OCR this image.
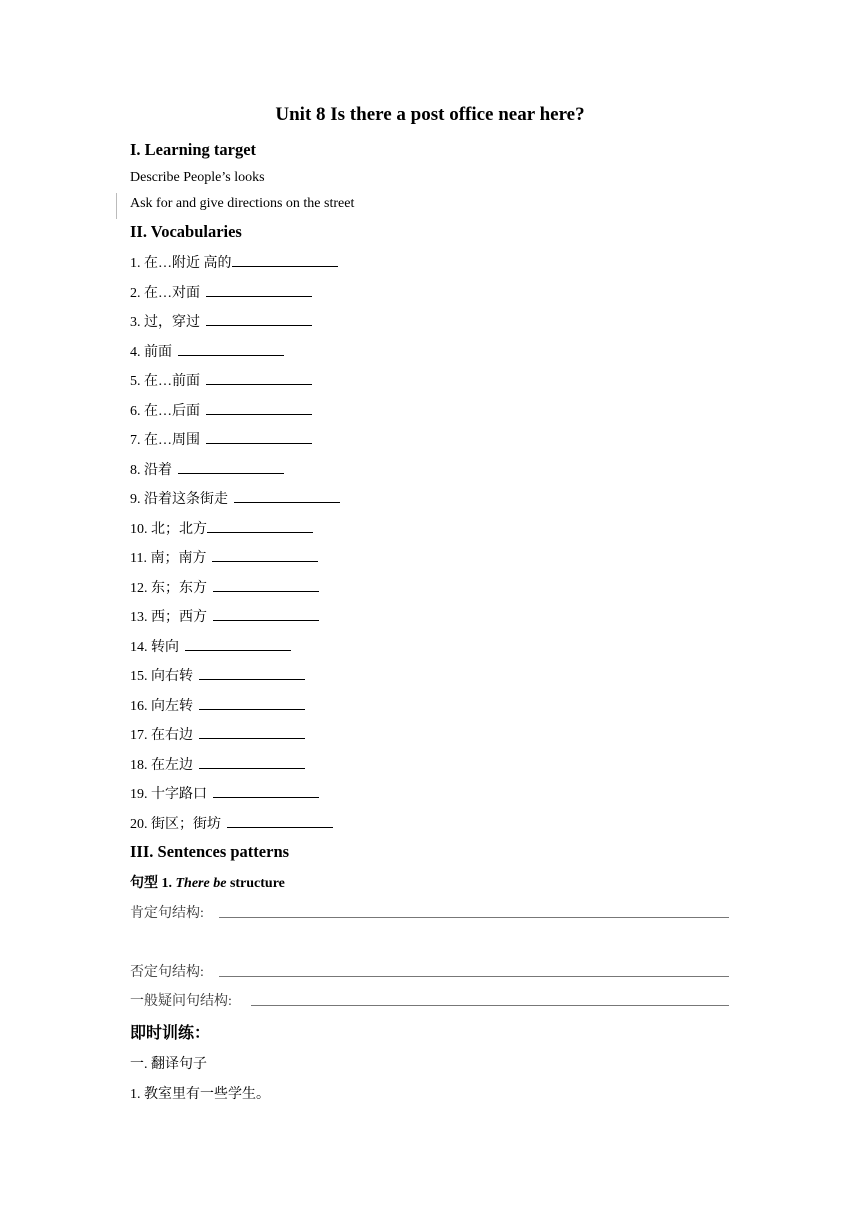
Unit 8 Is there a post office near here?
I. Learning target
Describe People’s looks
Ask for and give directions on the street
II. Vocabularies
1. 在…附近 高的
2. 在…对面
3. 过，穿过
4. 前面
5. 在…前面
6. 在…后面
7. 在…周围
8. 沿着
9. 沿着这条街走
10. 北；北方
11. 南；南方
12. 东；东方
13. 西；西方
14. 转向
15. 向右转
16. 向左转
17. 在右边
18. 在左边
19. 十字路口
20. 街区；街坊
III. Sentences patterns
句型 1. There be structure
肯定句结构:
否定句结构:
一般疑问句结构:
即时训练：
一. 翻译句子
1. 教室里有一些学生。
